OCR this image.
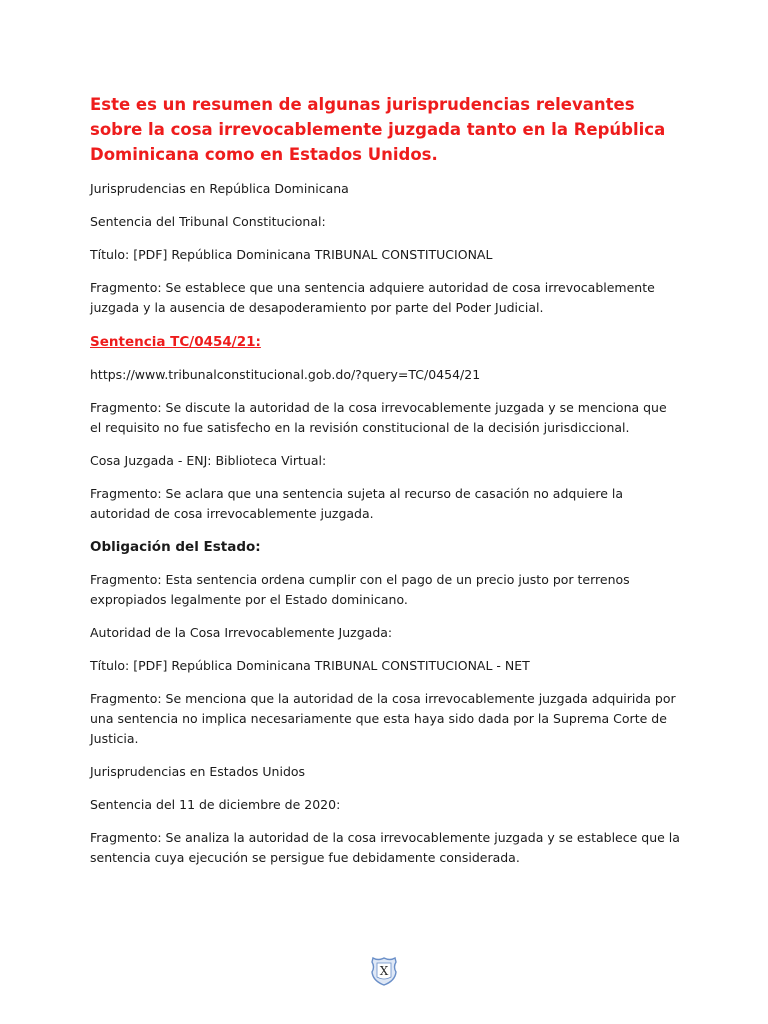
Este es un resumen de algunas jurisprudencias relevantes sobre la cosa irrevocablemente juzgada tanto en la República Dominicana como en Estados Unidos.
Jurisprudencias en República Dominicana
Sentencia del Tribunal Constitucional:
Título: [PDF] República Dominicana TRIBUNAL CONSTITUCIONAL
Fragmento: Se establece que una sentencia adquiere autoridad de cosa irrevocablemente juzgada y la ausencia de desapoderamiento por parte del Poder Judicial.
Sentencia TC/0454/21:
https://www.tribunalconstitucional.gob.do/?query=TC/0454/21
Fragmento: Se discute la autoridad de la cosa irrevocablemente juzgada y se menciona que el requisito no fue satisfecho en la revisión constitucional de la decisión jurisdiccional.
Cosa Juzgada - ENJ: Biblioteca Virtual:
Fragmento: Se aclara que una sentencia sujeta al recurso de casación no adquiere la autoridad de cosa irrevocablemente juzgada.
Obligación del Estado:
Fragmento: Esta sentencia ordena cumplir con el pago de un precio justo por terrenos expropiados legalmente por el Estado dominicano.
Autoridad de la Cosa Irrevocablemente Juzgada:
Título: [PDF] República Dominicana TRIBUNAL CONSTITUCIONAL - NET
Fragmento: Se menciona que la autoridad de la cosa irrevocablemente juzgada adquirida por una sentencia no implica necesariamente que esta haya sido dada por la Suprema Corte de Justicia.
Jurisprudencias en Estados Unidos
Sentencia del 11 de diciembre de 2020:
Fragmento: Se analiza la autoridad de la cosa irrevocablemente juzgada y se establece que la sentencia cuya ejecución se persigue fue debidamente considerada.
X
